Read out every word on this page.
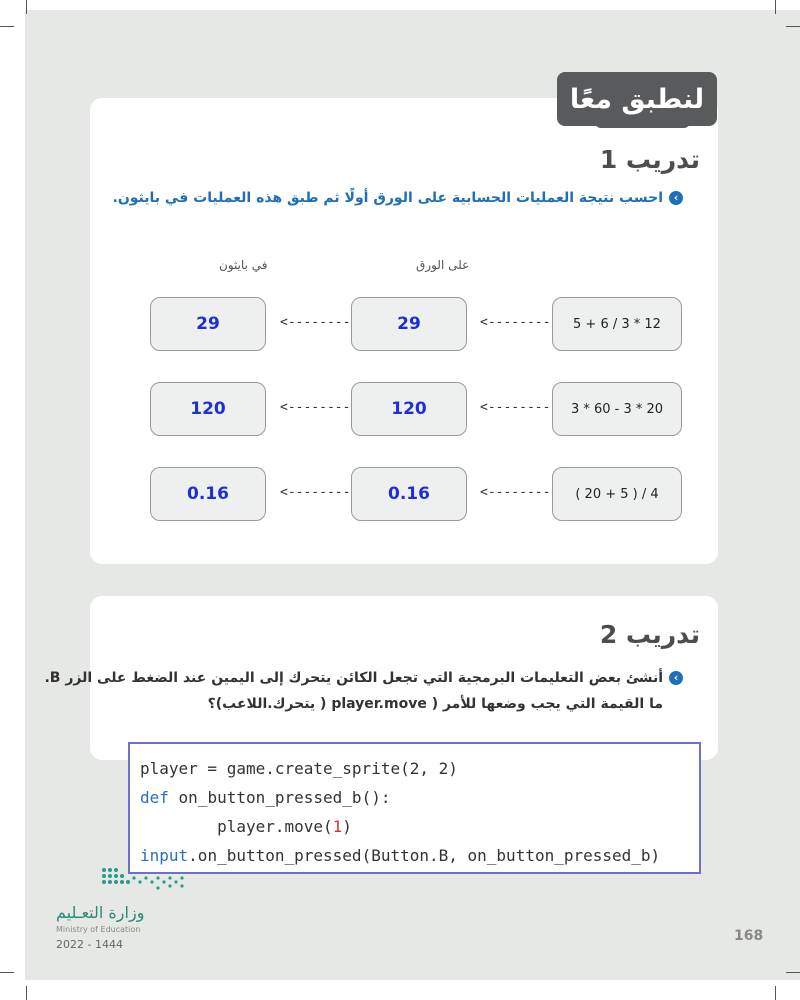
لنطبق معًا
تدريب 1
‹
احسب نتيجة العمليات الحسابية على الورق أولًا ثم طبق هذه العمليات في بايثون.
على الورق
في بايثون
5 + 6 / 3 * 12
<--------
29
<--------
29
3 * 60 - 3 * 20
<--------
120
<--------
120
( 20 + 5 ) / 4
<--------
0.16
<--------
0.16
تدريب 2
‹
أنشئ بعض التعليمات البرمجية التي تجعل الكائن يتحرك إلى اليمين عند الضغط على الزر B.
ما القيمة التي يجب وضعها للأمر ( player.move ( يتحرك.اللاعب)؟
player = game.create_sprite(2, 2)
def on_button_pressed_b():
player.move(1)
input.on_button_pressed(Button.B, on_button_pressed_b)
وزارة التعـليم
Ministry of Education
2022 - 1444
168
